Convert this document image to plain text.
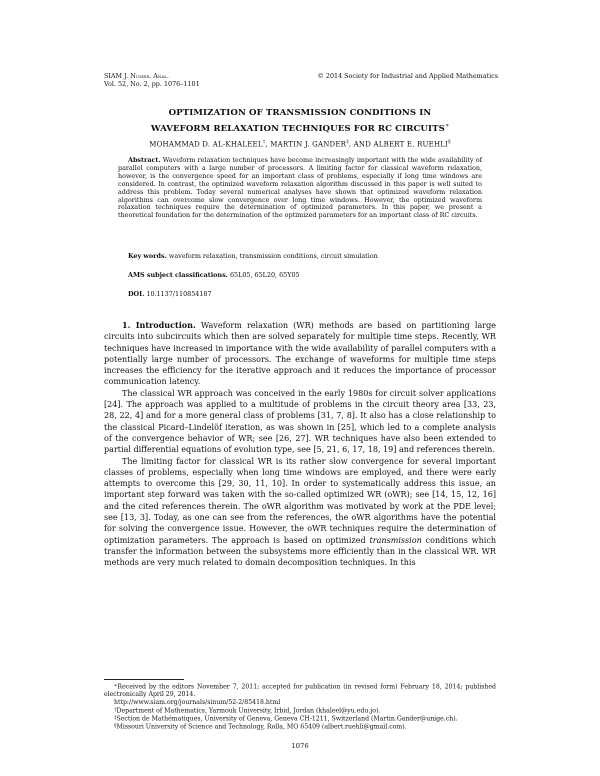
SIAM J. Numer. Anal.
Vol. 52, No. 2, pp. 1076–1101
© 2014 Society for Industrial and Applied Mathematics
OPTIMIZATION OF TRANSMISSION CONDITIONS IN
WAVEFORM RELAXATION TECHNIQUES FOR RC CIRCUITS∗
MOHAMMAD D. AL-KHALEEL†, MARTIN J. GANDER‡, AND ALBERT E. RUEHLI§

Abstract. Waveform relaxation techniques have become increasingly important with the wide availability of parallel computers with a large number of processors. A limiting factor for classical waveform relaxation, however, is the convergence speed for an important class of problems, especially if long time windows are considered. In contrast, the optimized waveform relaxation algorithm discussed in this paper is well suited to address this problem. Today several numerical analyses have shown that optimized waveform relaxation algorithms can overcome slow convergence over long time windows. However, the optimized waveform relaxation techniques require the determination of optimized parameters. In this paper, we present a theoretical foundation for the determination of the optimized parameters for an important class of RC circuits.

Key words. waveform relaxation, transmission conditions, circuit simulation

AMS subject classifications. 65L05, 65L20, 65Y05

DOI. 10.1137/110854187

1. Introduction. Waveform relaxation (WR) methods are based on partitioning large circuits into subcircuits which then are solved separately for multiple time steps. Recently, WR techniques have increased in importance with the wide availability of parallel computers with a potentially large number of processors. The exchange of waveforms for multiple time steps increases the efficiency for the iterative approach and it reduces the importance of processor communication latency.

The classical WR approach was conceived in the early 1980s for circuit solver applications [24]. The approach was applied to a multitude of problems in the circuit theory area [33, 23, 28, 22, 4] and for a more general class of problems [31, 7, 8]. It also has a close relationship to the classical Picard–Lindelöf iteration, as was shown in [25], which led to a complete analysis of the convergence behavior of WR; see [26, 27]. WR techniques have also been extended to partial differential equations of evolution type, see [5, 21, 6, 17, 18, 19] and references therein.

The limiting factor for classical WR is its rather slow convergence for several important classes of problems, especially when long time windows are employed, and there were early attempts to overcome this [29, 30, 11, 10]. In order to systematically address this issue, an important step forward was taken with the so-called optimized WR (oWR); see [14, 15, 12, 16] and the cited references therein. The oWR algorithm was motivated by work at the PDE level; see [13, 3]. Today, as one can see from the references, the oWR algorithms have the potential for solving the convergence issue. However, the oWR techniques require the determination of optimization parameters. The approach is based on optimized transmission conditions which transfer the information between the subsystems more efficiently than in the classical WR. WR methods are very much related to domain decomposition techniques. In this

∗Received by the editors November 7, 2011; accepted for publication (in revised form) February 18, 2014; published electronically April 29, 2014.

http://www.siam.org/journals/sinum/52-2/85418.html

†Department of Mathematics, Yarmouk University, Irbid, Jordan (khaleel@yu.edu.jo).

‡Section de Mathématiques, University of Geneva, Geneva CH-1211, Switzerland (Martin.Gander@unige.ch).

§Missouri University of Science and Technology, Rolla, MO 65409 (albert.ruehli@gmail.com).

1076
